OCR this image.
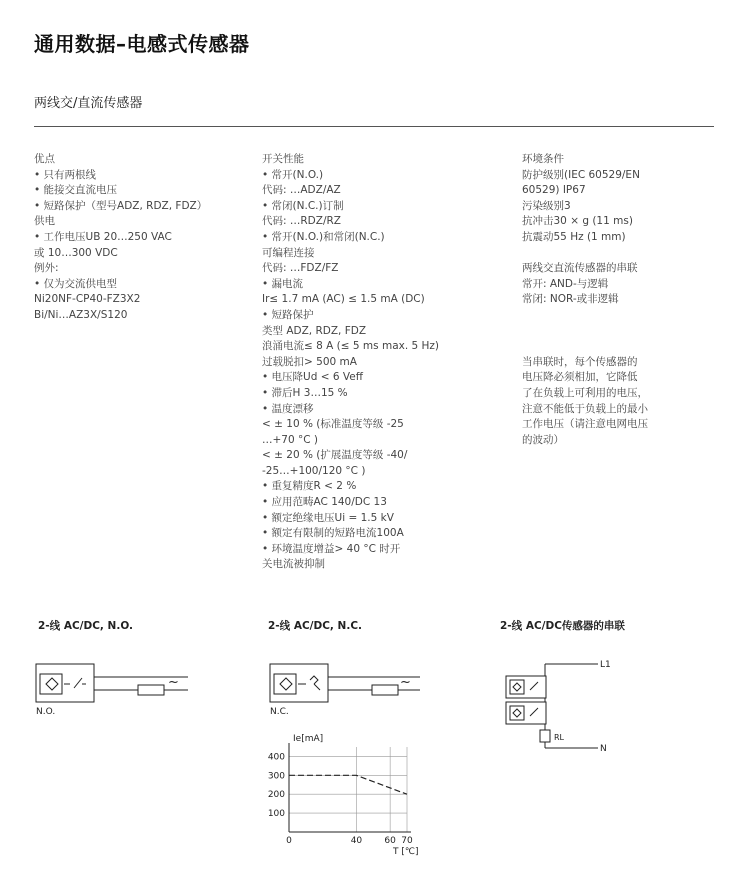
通用数据–电感式传感器
两线交/直流传感器
优点
• 只有两根线
• 能接交直流电压
• 短路保护（型号ADZ, RDZ, FDZ）
供电
• 工作电压UB 20…250 VAC
或 10…300 VDC
例外:
• 仅为交流供电型
Ni20NF-CP40-FZ3X2
Bi/Ni…AZ3X/S120
开关性能
• 常开(N.O.)
代码: …ADZ/AZ
• 常闭(N.C.)订制
代码: …RDZ/RZ
• 常开(N.O.)和常闭(N.C.)
可编程连接
代码: …FDZ/FZ
• 漏电流
Ir≤ 1.7 mA (AC) ≤ 1.5 mA (DC)
• 短路保护
类型 ADZ, RDZ, FDZ
浪涌电流≤ 8 A (≤ 5 ms max. 5 Hz)
过载脱扣> 500 mA
• 电压降Ud < 6 Veff
• 滞后H 3…15 %
• 温度漂移
< ± 10 % (标准温度等级 -25
…+70 °C )
< ± 20 % (扩展温度等级 -40/
-25…+100/120 °C )
• 重复精度R < 2 %
• 应用范畴AC 140/DC 13
• 额定绝缘电压Ui = 1.5 kV
• 额定有限制的短路电流100A
• 环境温度增益> 40 °C 时开
关电流被抑制
环境条件
防护级别(IEC 60529/EN
60529) IP67
污染级别3
抗冲击30 × g (11 ms)
抗震动55 Hz (1 mm)
两线交直流传感器的串联
常开: AND-与逻辑
常闭: NOR-或非逻辑
当串联时，每个传感器的
电压降必须相加，它降低
了在负载上可利用的电压，
注意不能低于负载上的最小
工作电压（请注意电网电压
的波动）
2-线 AC/DC, N.O.	2-线 AC/DC, N.C.	2-线 AC/DC传感器的串联
~
N.O.
~
N.C.
L1
N
RL
100
200
300
400
0	40 60 70
Ie[mA]
T [℃]
